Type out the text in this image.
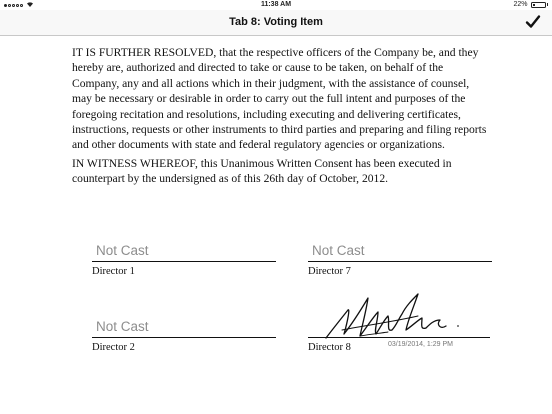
11:38 AM	22%
Tab 8: Voting Item

IT IS FURTHER RESOLVED, that the respective officers of the Company be, and they hereby are, authorized and directed to take or cause to be taken, on behalf of the Company, any and all actions which in their judgment, with the assistance of counsel, may be necessary or desirable in order to carry out the full intent and purposes of the foregoing recitation and resolutions, including executing and delivering certificates, instructions, requests or other instruments to third parties and preparing and filing reports and other documents with state and federal regulatory agencies or organizations.

IN WITNESS WHEREOF, this Unanimous Written Consent has been executed in counterpart by the undersigned as of this 26th day of October, 2012.

Not Cast
Director 1
Not Cast
Director 7
Not Cast
Director 2	Director 8	03/19/2014, 1:29 PM
